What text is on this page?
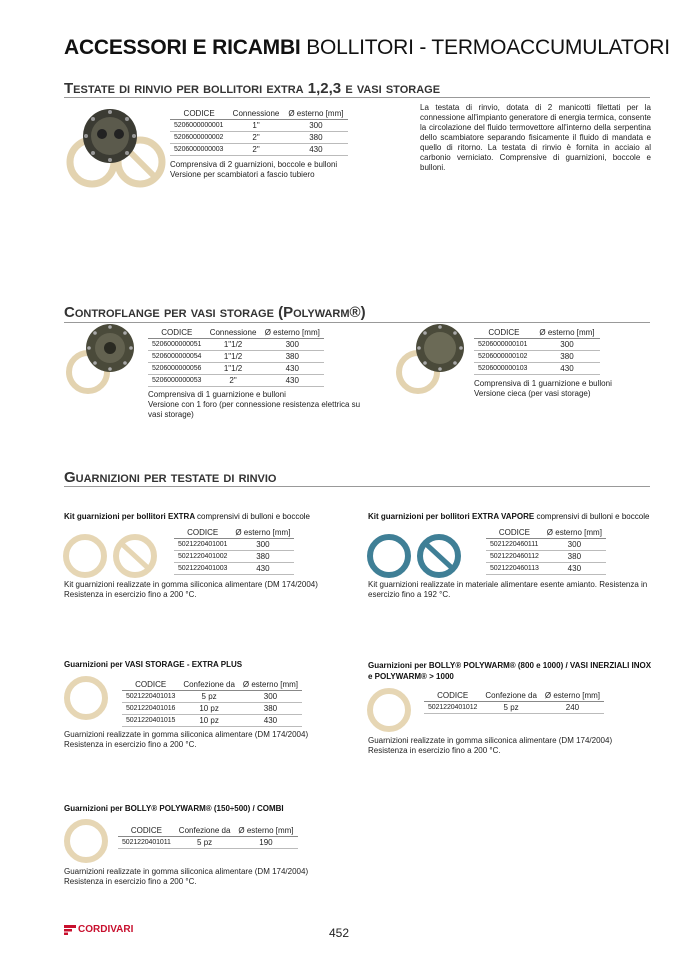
ACCESSORI E RICAMBI BOLLITORI - TERMOACCUMULATORI
Testate di rinvio per bollitori extra 1,2,3 e vasi storage
CODICE	Connessione	Ø esterno [mm]
5206000000001	1"	300
5206000000002	2"	380
5206000000003	2"	430
Comprensiva di 2 guarnizioni, boccole e bulloni
Versione per scambiatori a fascio tubiero
La testata di rinvio, dotata di 2 manicotti filettati per la connessione all'impianto generatore di energia termica, consente la circolazione del fluido termovettore all'interno della serpentina dello scambiatore separando fisicamente il fluido di mandata e quello di ritorno. La testata di rinvio è fornita in acciaio al carbonio verniciato. Comprensive di guarnizioni, boccole e bulloni.
Controflange per vasi storage (Polywarm®)
CODICE	Connessione	Ø esterno [mm]
5206000000051	1"1/2	300
5206000000054	1"1/2	380
5206000000056	1"1/2	430
5206000000053	2"	430
Comprensiva di 1 guarnizione e bulloni
Versione con 1 foro (per connessione resistenza elettrica su vasi storage)
CODICE	Ø esterno [mm]
5206000000101	300
5206000000102	380
5206000000103	430
Comprensiva di 1 guarnizione e bulloni
Versione cieca (per vasi storage)
Guarnizioni per testate di rinvio
Kit guarnizioni per bollitori EXTRA comprensivi di bulloni e boccole
CODICE	Ø esterno [mm]
5021220401001	300
5021220401002	380
5021220401003	430
Kit guarnizioni realizzate in gomma siliconica alimentare (DM 174/2004)
Resistenza in esercizio fino a 200 °C.
Kit guarnizioni per bollitori EXTRA VAPORE comprensivi di bulloni e boccole
CODICE	Ø esterno [mm]
5021220460111	300
5021220460112	380
5021220460113	430
Kit guarnizioni realizzate in materiale alimentare esente amianto. Resistenza in esercizio fino a 192 °C.
Guarnizioni per VASI STORAGE - EXTRA PLUS
CODICE	Confezione da	Ø esterno [mm]
5021220401013	5 pz	300
5021220401016	10 pz	380
5021220401015	10 pz	430
Guarnizioni realizzate in gomma siliconica alimentare (DM 174/2004)
Resistenza in esercizio fino a 200 °C.
Guarnizioni per BOLLY® POLYWARM® (800 e 1000) / VASI INERZIALI INOX e POLYWARM® > 1000
CODICE	Confezione da	Ø esterno [mm]
5021220401012	5 pz	240
Guarnizioni realizzate in gomma siliconica alimentare (DM 174/2004)
Resistenza in esercizio fino a 200 °C.
Guarnizioni per BOLLY® POLYWARM® (150÷500) / COMBI
CODICE	Confezione da	Ø esterno [mm]
5021220401011	5 pz	190
Guarnizioni realizzate in gomma siliconica alimentare (DM 174/2004)
Resistenza in esercizio fino a 200 °C.
CORDIVARI	452
